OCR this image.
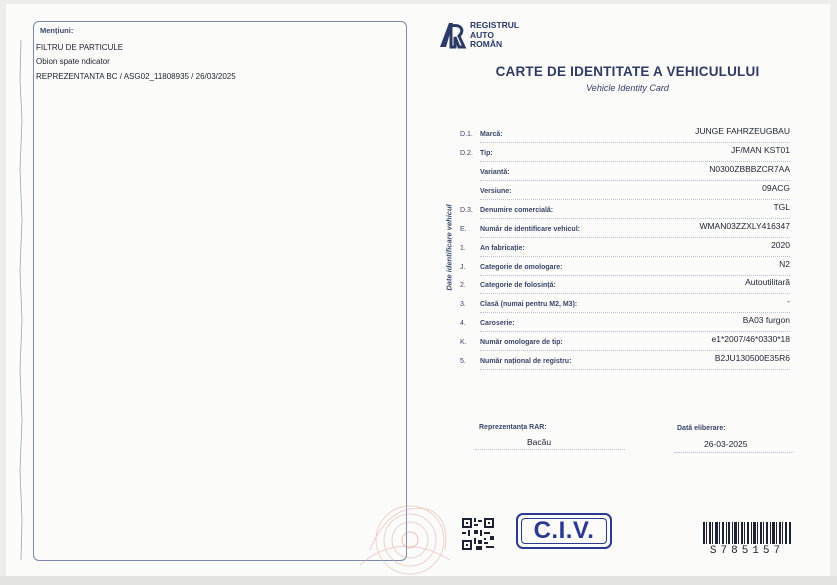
Mențiuni:
FILTRU DE PARTICULE
Obion spate ndicator
REPREZENTANTA BC / ASG02_11808935 / 26/03/2025
REGISTRUL
AUTO
ROMÂN
CARTE DE IDENTITATE A VEHICULULUI
Vehicle Identity Card
Date identificare vehicul
D.1. Marcă:	JUNGE FAHRZEUGBAU
D.2. Tip:	JF/MAN KST01
Variantă:	N0300ZBBBZCR7AA
Versiune:	09ACG
D.3. Denumire comercială:	TGL
E. Număr de identificare vehicul:	WMAN03ZZXLY416347
1. An fabricație:	2020
J. Categorie de omologare:	N2
2. Categorie de folosință:	Autoutilitară
3. Clasă (numai pentru M2, M3):	-
4. Caroserie:	BA03 furgon
K. Număr omologare de tip:	e1*2007/46*0330*18
5. Număr național de registru:	B2JU130500E35R6
Reprezentanța RAR:
Bacău
Dată eliberare:
26-03-2025
C.I.V.
S785157
